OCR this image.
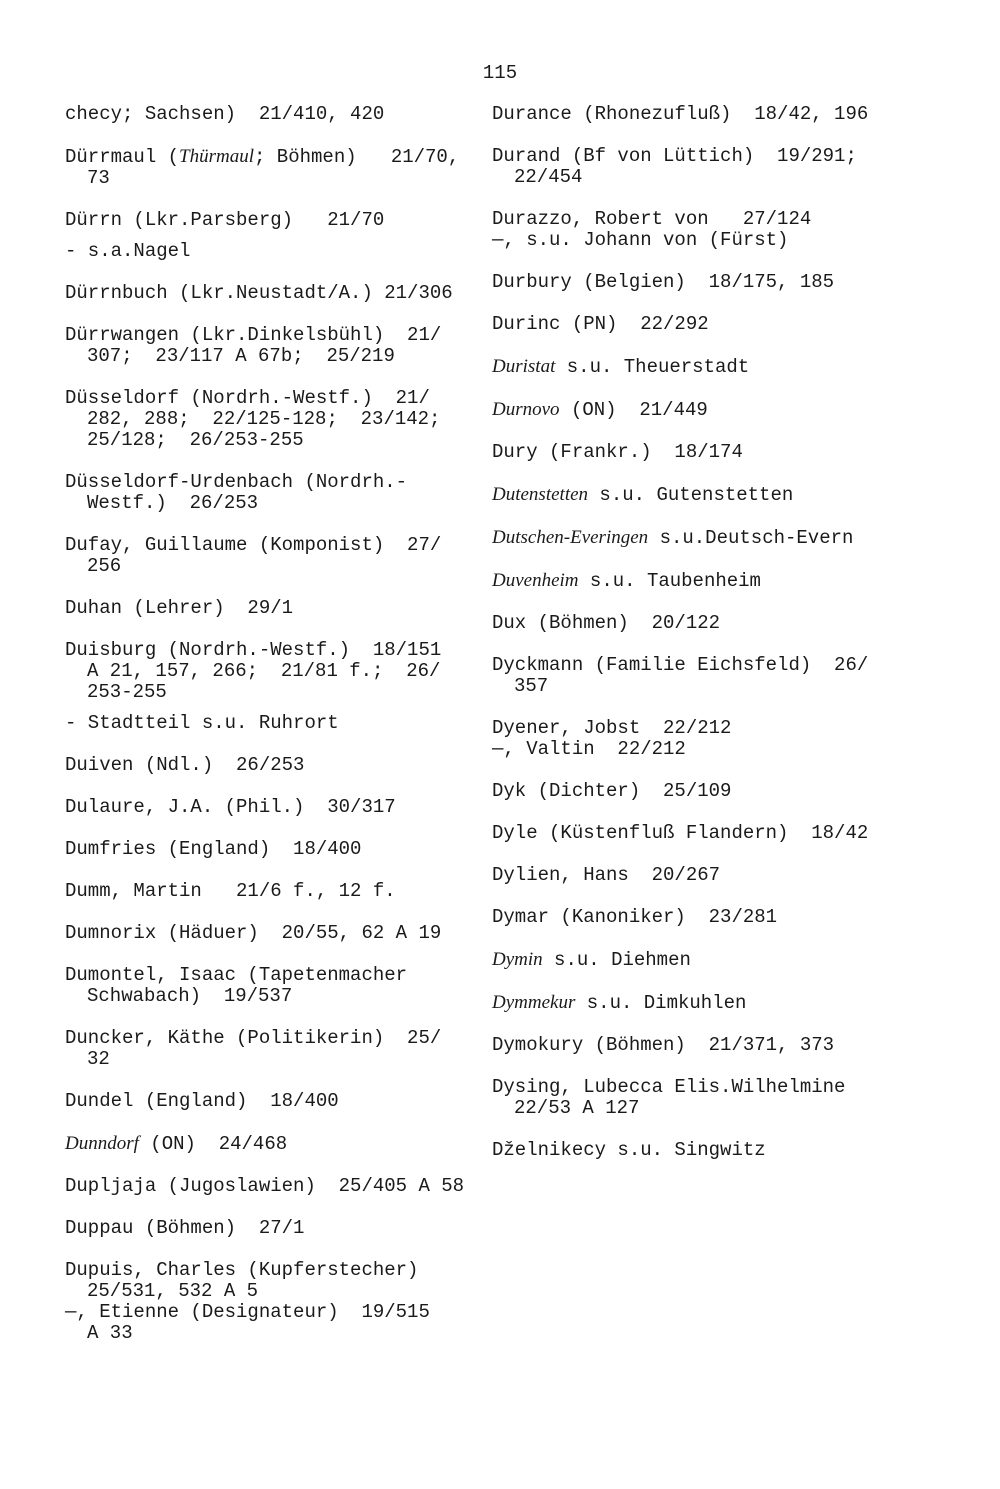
115
checy; Sachsen)  21/410, 420
Dürrmaul (Thürmaul; Böhmen)   21/70,
73
Dürrn (Lkr.Parsberg)   21/70
- s.a.Nagel
Dürrnbuch (Lkr.Neustadt/A.) 21/306
Dürrwangen (Lkr.Dinkelsbühl)  21/
307;  23/117 A 67b;  25/219
Düsseldorf (Nordrh.-Westf.)  21/
282, 288;  22/125-128;  23/142;
25/128;  26/253-255
Düsseldorf-Urdenbach (Nordrh.-
Westf.)  26/253
Dufay, Guillaume (Komponist)  27/
256
Duhan (Lehrer)  29/1
Duisburg (Nordrh.-Westf.)  18/151
A 21, 157, 266;  21/81 f.;  26/
253-255
- Stadtteil s.u. Ruhrort
Duiven (Ndl.)  26/253
Dulaure, J.A. (Phil.)  30/317
Dumfries (England)  18/400
Dumm, Martin   21/6 f., 12 f.
Dumnorix (Häduer)  20/55, 62 A 19
Dumontel, Isaac (Tapetenmacher
Schwabach)  19/537
Duncker, Käthe (Politikerin)  25/
32
Dundel (England)  18/400
Dunndorf (ON)  24/468
Dupljaja (Jugoslawien)  25/405 A 58
Duppau (Böhmen)  27/1
Dupuis, Charles (Kupferstecher)
25/531, 532 A 5
—, Etienne (Designateur)  19/515
A 33
Durance (Rhonezufluß)  18/42, 196
Durand (Bf von Lüttich)  19/291;
22/454
Durazzo, Robert von   27/124
—, s.u. Johann von (Fürst)
Durbury (Belgien)  18/175, 185
Durinc (PN)  22/292
Duristat s.u. Theuerstadt
Durnovo (ON)  21/449
Dury (Frankr.)  18/174
Dutenstetten s.u. Gutenstetten
Dutschen-Everingen s.u.Deutsch-Evern
Duvenheim s.u. Taubenheim
Dux (Böhmen)  20/122
Dyckmann (Familie Eichsfeld)  26/
357
Dyener, Jobst  22/212
—, Valtin  22/212
Dyk (Dichter)  25/109
Dyle (Küstenfluß Flandern)  18/42
Dylien, Hans  20/267
Dymar (Kanoniker)  23/281
Dymin s.u. Diehmen
Dymmekur s.u. Dimkuhlen
Dymokury (Böhmen)  21/371, 373
Dysing, Lubecca Elis.Wilhelmine
22/53 A 127
Dželnikecy s.u. Singwitz
